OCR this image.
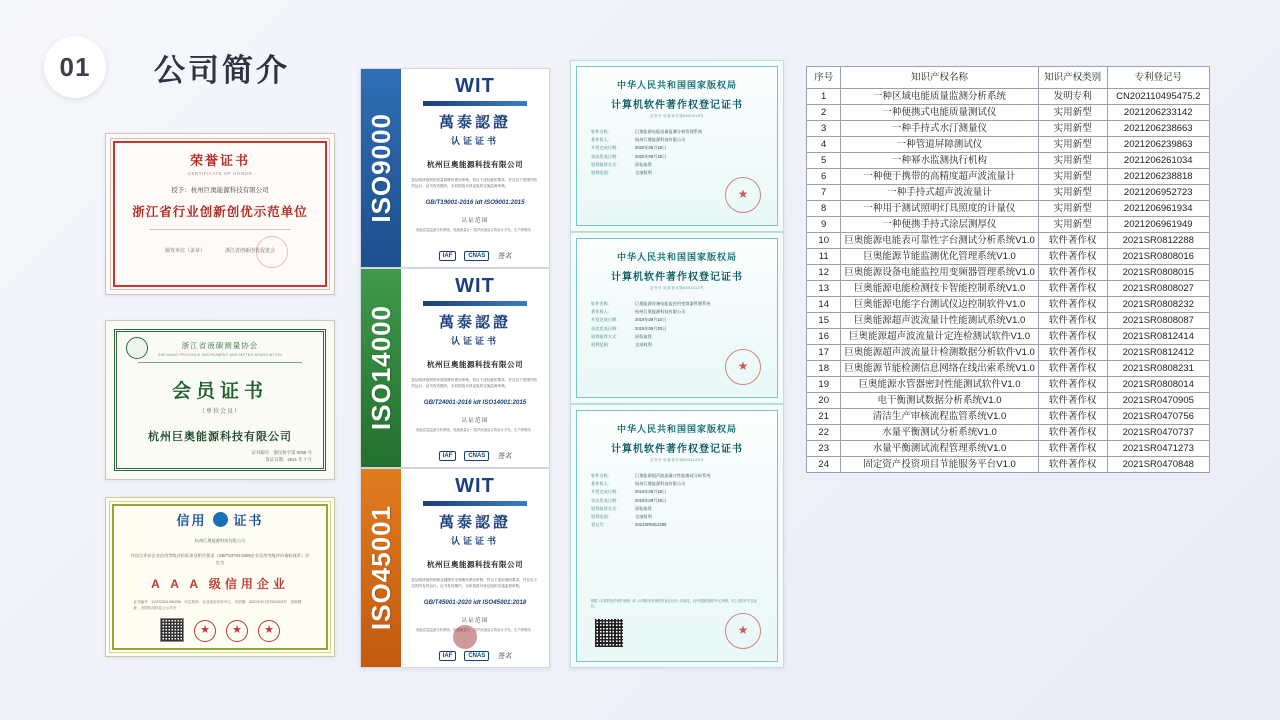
01	公司简介
荣誉证书
CERTIFICATE OF HONOR
授予：杭州巨奥能源科技有限公司
浙江省行业创新创优示范单位
颁发单位（盖章）	浙江省创新创优促进会
浙江省液碳测量协会
ZHEJIANG PROVINCE INSTRUMENT AND METER ASSOCIATION
会员证书
（单位会员）
杭州巨奥能源科技有限公司
证书编号：浙仪协字第 0056 号
发证日期：2021 年 7 月
信用 证书
杭州巨奥能源科技有限公司
经综合评价企业信用等级评价标准及相关要求（GB/T23794-2009企业信用等级评价指标体系）评定为
A A A 级信用企业
证书编号：XYZS2021080256　评定机构：企业信用评价中心　有效期：2021年8月至2024年8月　查询网址：全国信用信息公示平台
★	★	★
ISO9000
WIT
萬泰認證
认证证书
杭州巨奥能源科技有限公司
兹证明该组织的质量管理体系经审核，符合下述标准的要求，并在以下范围内有效运行。证书有效期内，本机构将对获证组织实施监督审核。
GB/T19001-2016 idt ISO9001:2015
认证范围
电能质量监测分析系统、电磁流量计、超声波流量计的设计开发、生产和服务
IAF	CNAS	签名
ISO14000
WIT
萬泰認證
认证证书
杭州巨奥能源科技有限公司
兹证明该组织的环境管理体系经审核，符合下述标准的要求，并在以下范围内有效运行。证书有效期内，本机构将对获证组织实施监督审核。
GB/T24001-2016 idt ISO14001:2015
认证范围
电能质量监测分析系统、电磁流量计、超声波流量计的设计开发、生产和服务
IAF	CNAS	签名
ISO45001
WIT
萬泰認證
认证证书
杭州巨奥能源科技有限公司
兹证明该组织的职业健康安全管理体系经审核，符合下述标准的要求，并在以下范围内有效运行。证书有效期内，本机构将对获证组织实施监督审核。
GB/T45001-2020 idt ISO45001:2018
认证范围
电能质量监测分析系统、电磁流量计、超声波流量计的设计开发、生产和服务
IAF	CNAS	签名
中华人民共和国国家版权局
计算机软件著作权登记证书
证书号 软著登字第6600418号
软件名称：	巨奥能源电能质量监测分析管理系统
著作权人：	杭州巨奥能源科技有限公司
开发完成日期：	2020年05月18日
首次发表日期：	2020年06月18日
权利取得方式：	原始取得
权利范围：	全部权利
★
中华人民共和国国家版权局
计算机软件著作权登记证书
证书号 软著登字第6604412号
软件名称：	巨奥能源设备电能监控用变频器管理系统
著作权人：	杭州巨奥能源科技有限公司
开发完成日期：	2019年08月10日
首次发表日期：	2019年09月20日
权利取得方式：	原始取得
权利范围：	全部权利
★
中华人民共和国国家版权局
计算机软件著作权登记证书
证书号 软著登字第8054125号
软件名称：	巨奥能源超声波流量计性能测试分析系统
著作权人：	杭州巨奥能源科技有限公司
开发完成日期：	2019年08月18日
首次发表日期：	2019年09月18日
权利取得方式：	原始取得
权利范围：	全部权利
登记号：	2021SR0812288
根据《计算机软件保护条例》和《计算机软件著作权登记办法》的规定，经中国版权保护中心审核，对上述软件予以登记。
★
序号	知识产权名称	知识产权类别	专利登记号
1	一种区域电能质量监测分析系统	发明专利	CN202110495475.2
2	一种便携式电能质量测试仪	实用新型	2021206233142
3	一种手持式水汀测量仪	实用新型	2021206238663
4	一种管道屏障测试仪	实用新型	2021206239863
5	一种幂水监测执行机构	实用新型	2021206261034
6	一种便于携带的高精度超声波流量计	实用新型	2021206238818
7	一种手持式超声波流量计	实用新型	2021206952723
8	一种用于测试照明灯具照度的计量仪	实用新型	2021206961934
9	一种便携手持式涂层测厚仪	实用新型	2021206961949
10	巨奥能源电能表可靠性字台测试分析系统V1.0	软件著作权	2021SR0812288
11	巨奥能源节能监测优化管理系统V1.0	软件著作权	2021SR0808016
12	巨奥能源设备电能监控用变频器管理系统V1.0	软件著作权	2021SR0808015
13	巨奥能源电能检测技卡智能控制系统V1.0	软件著作权	2021SR0808027
14	巨奥能源电能字台测试仪边控制软件V1.0	软件著作权	2021SR0808232
15	巨奥能源超声波流量计性能测试系统V1.0	软件著作权	2021SR0808087
16	巨奥能源超声波流量计定连检测试软件V1.0	软件著作权	2021SR0812414
17	巨奥能源超声波流量计检测数据分析软件V1.0	软件著作权	2021SR0812412
18	巨奥能源节能检测信息网络在线出索系统V1.0	软件著作权	2021SR0808231
19	巨奥能源水管器密封性能测试软件V1.0	软件著作权	2021SR0808014
20	电干衡测试数据分析系统V1.0	软件著作权	2021SR0470905
21	清洁生产审核流程监管系统V1.0	软件著作权	2021SR0470756
22	水量平衡测试分析系统V1.0	软件著作权	2021SR0470737
23	水量平衡测试流程管理系统V1.0	软件著作权	2021SR0471273
24	固定资产投资项目节能服务平台V1.0	软件著作权	2021SR0470848
